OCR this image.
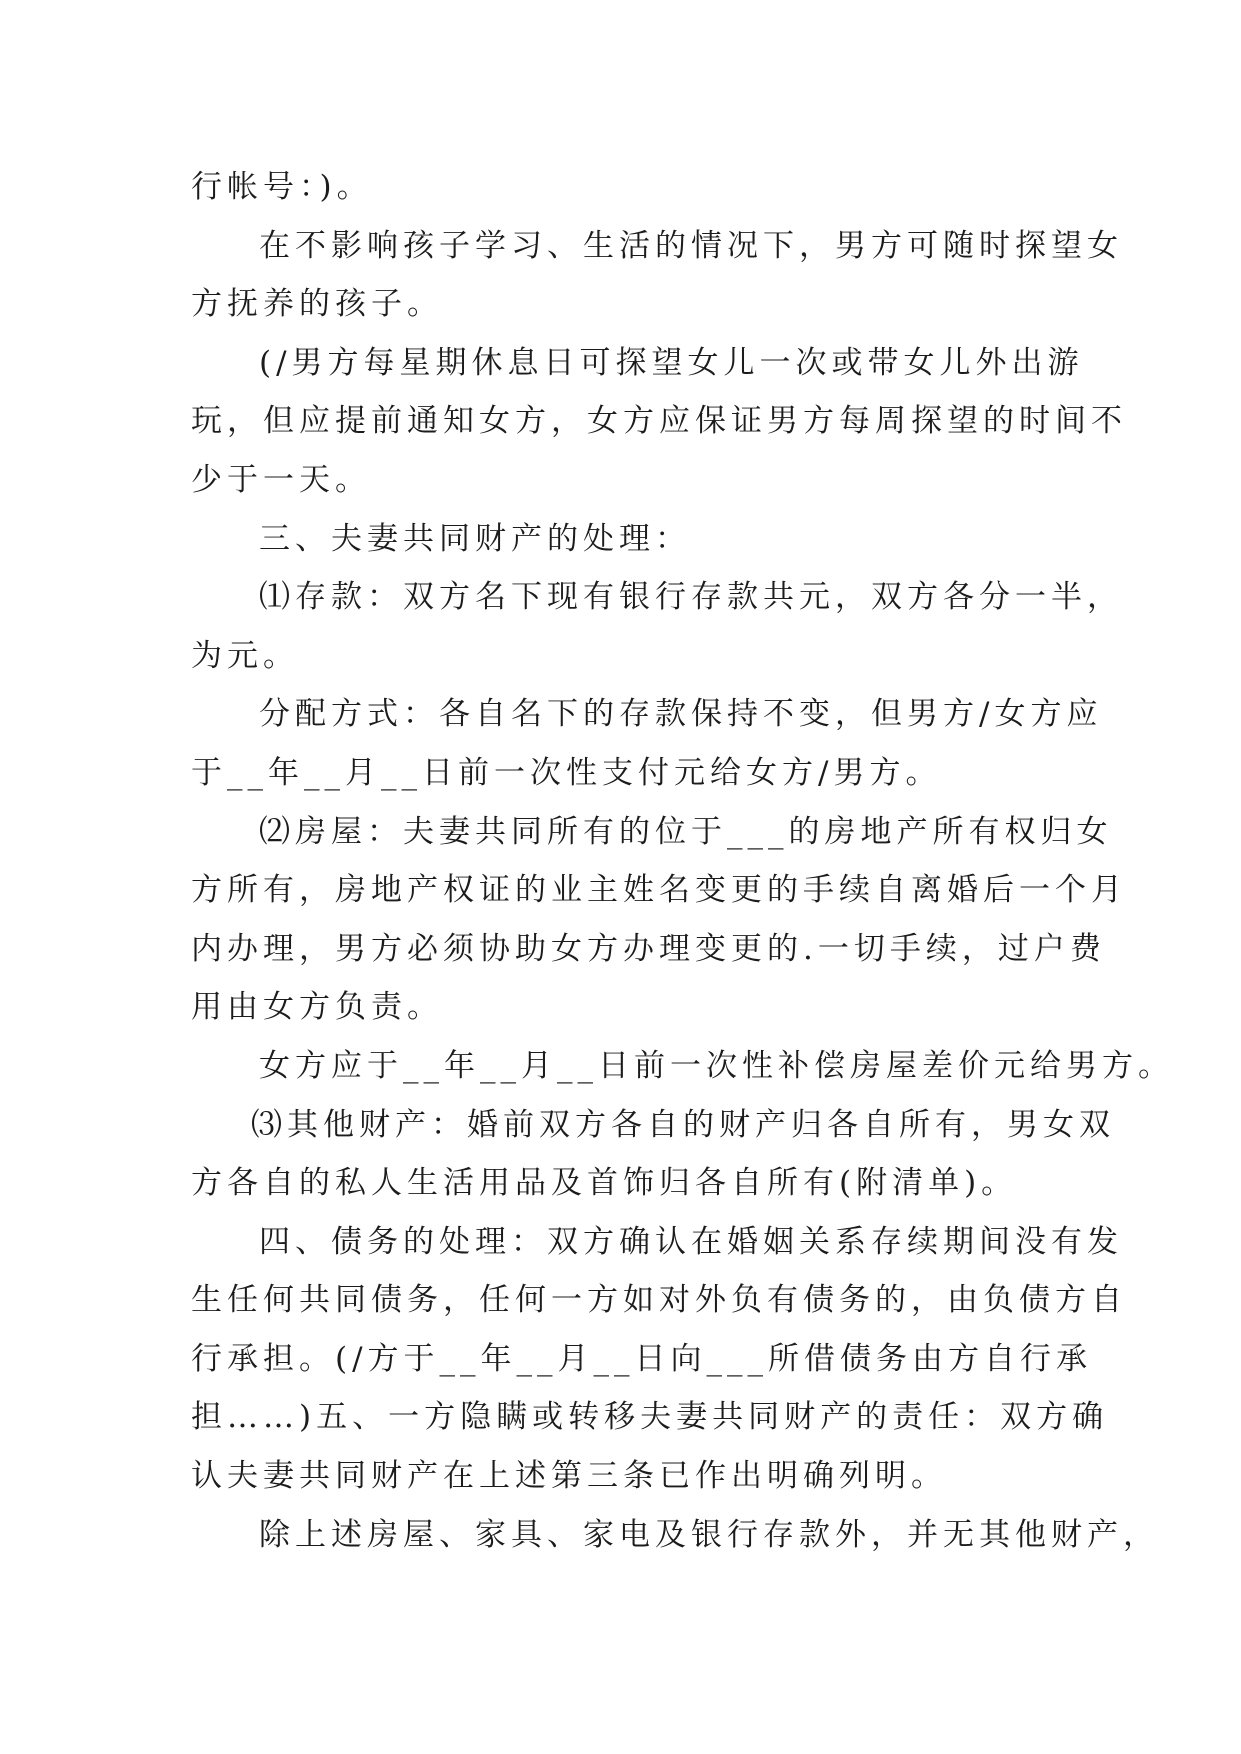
行帐号：)。
在不影响孩子学习、生活的情况下，男方可随时探望女
方抚养的孩子。
(/男方每星期休息日可探望女儿一次或带女儿外出游
玩，但应提前通知女方，女方应保证男方每周探望的时间不
少于一天。
三、夫妻共同财产的处理：
⑴存款：双方名下现有银行存款共元，双方各分一半，
为元。
分配方式：各自名下的存款保持不变，但男方/女方应
于__年__月__日前一次性支付元给女方/男方。
⑵房屋：夫妻共同所有的位于___的房地产所有权归女
方所有，房地产权证的业主姓名变更的手续自离婚后一个月
内办理，男方必须协助女方办理变更的.一切手续，过户费
用由女方负责。
女方应于__年__月__日前一次性补偿房屋差价元给男方。
⑶其他财产：婚前双方各自的财产归各自所有，男女双
方各自的私人生活用品及首饰归各自所有(附清单)。
四、债务的处理：双方确认在婚姻关系存续期间没有发
生任何共同债务，任何一方如对外负有债务的，由负债方自
行承担。(/方于__年__月__日向___所借债务由方自行承
担……)五、一方隐瞒或转移夫妻共同财产的责任：双方确
认夫妻共同财产在上述第三条已作出明确列明。
除上述房屋、家具、家电及银行存款外，并无其他财产，
